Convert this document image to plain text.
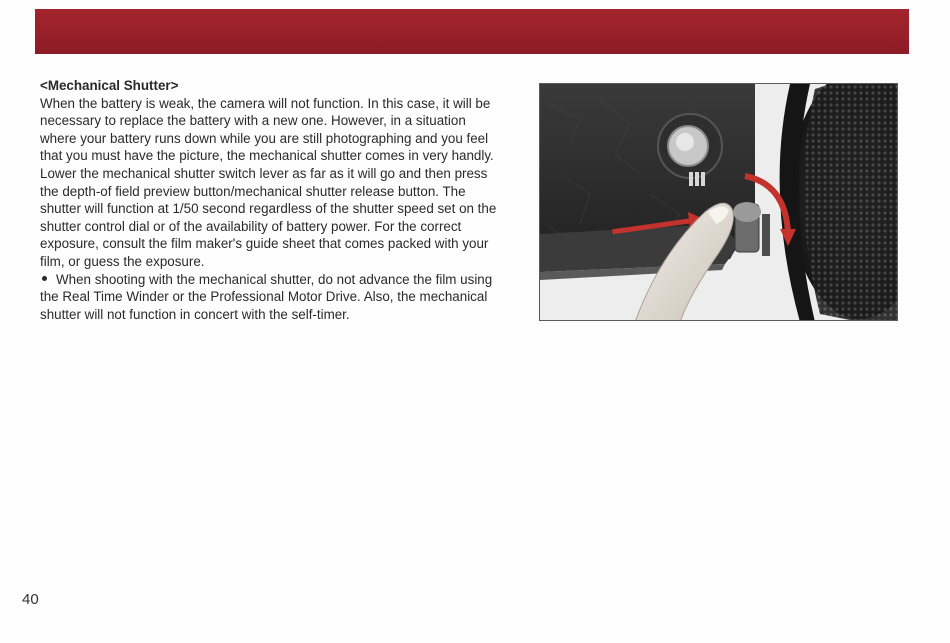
<Mechanical Shutter>
When the battery is weak, the camera will not function. In this case, it will be necessary to replace the battery with a new one. However, in a situation where your battery runs down while you are still photographing and you feel that you must have the picture, the mechanical shutter comes in very handly. Lower the mechanical shutter switch lever as far as it will go and then press the depth-of field preview button/mechanical shutter release button. The shutter will function at 1/50 second regardless of the shutter speed set on the shutter control dial or of the availability of battery power. For the correct exposure, consult the film maker's guide sheet that comes packed with your film, or guess the exposure.
When shooting with the mechanical shutter, do not advance the film using the Real Time Winder or the Professional Motor Drive. Also, the mechanical shutter will not function in concert with the self-timer.
40
